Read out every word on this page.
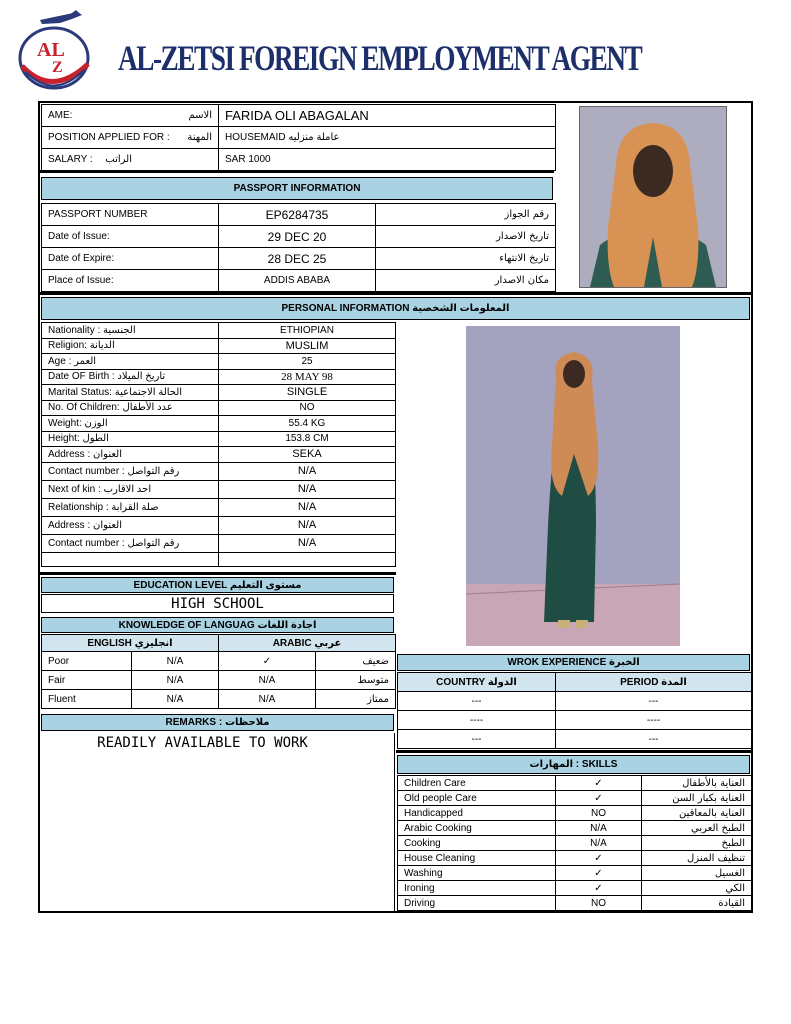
AL
Z AL-ZETSI FOREIGN EMPLOYMENT AGENT
AME: الاسم	FARIDA OLI ABAGALAN
POSITION APPLIED FOR : المهنة	HOUSEMAID عاملة منزليه
SALARY : الراتب	SAR 1000
PASSPORT INFORMATION
PASSPORT NUMBER	EP6284735	رقم الجواز
Date of Issue:	29 DEC 20	تاريخ الاصدار
Date of Expire:	28 DEC 25	تاريخ الانتهاء
Place of Issue:	ADDIS ABABA	مكان الاصدار
PERSONAL INFORMATION المعلومات الشخصية
Nationality : الجنسية	ETHIOPIAN
Religion: الديانة	MUSLIM
Age : العمر	25
Date OF Birth : تاريخ الميلاد	28 MAY 98
Marital Status: الحالة الاجتماعية	SINGLE
No. Of Children: عدد الأطفال	NO
Weight: الوزن	55.4 KG
Height: الطول	153.8 CM
Address : العنوان	SEKA
Contact number : رقم التواصل	N/A
Next of kin : احد الاقارب	N/A
Relationship : صلة القرابة	N/A
Address : العنوان	N/A
Contact number : رقم التواصل	N/A

EDUCATION LEVEL مستوى التعليم
HIGH SCHOOL
KNOWLEDGE OF LANGUAG اجادة اللغات
ENGLISH انجليزي		ARABIC عربي	
Poor	N/A	✓	ضعيف
Fair	N/A	N/A	متوسط
Fluent	N/A	N/A	ممتاز
REMARKS : ملاحظات
READILY AVAILABLE TO WORK
WROK EXPERIENCE الخبرة
COUNTRY الدولة	PERIOD المدة
---	---
----	----
---	---
المهارات : SKILLS
Children Care	✓	العناية بالأطفال
Old people Care	✓	العناية بكبار السن
Handicapped	NO	العناية بالمعاقين
Arabic Cooking	N/A	الطبخ العربي
Cooking	N/A	الطبخ
House Cleaning	✓	تنظيف المنزل
Washing	✓	الغسيل
Ironing	✓	الكي
Driving	NO	القيادة
